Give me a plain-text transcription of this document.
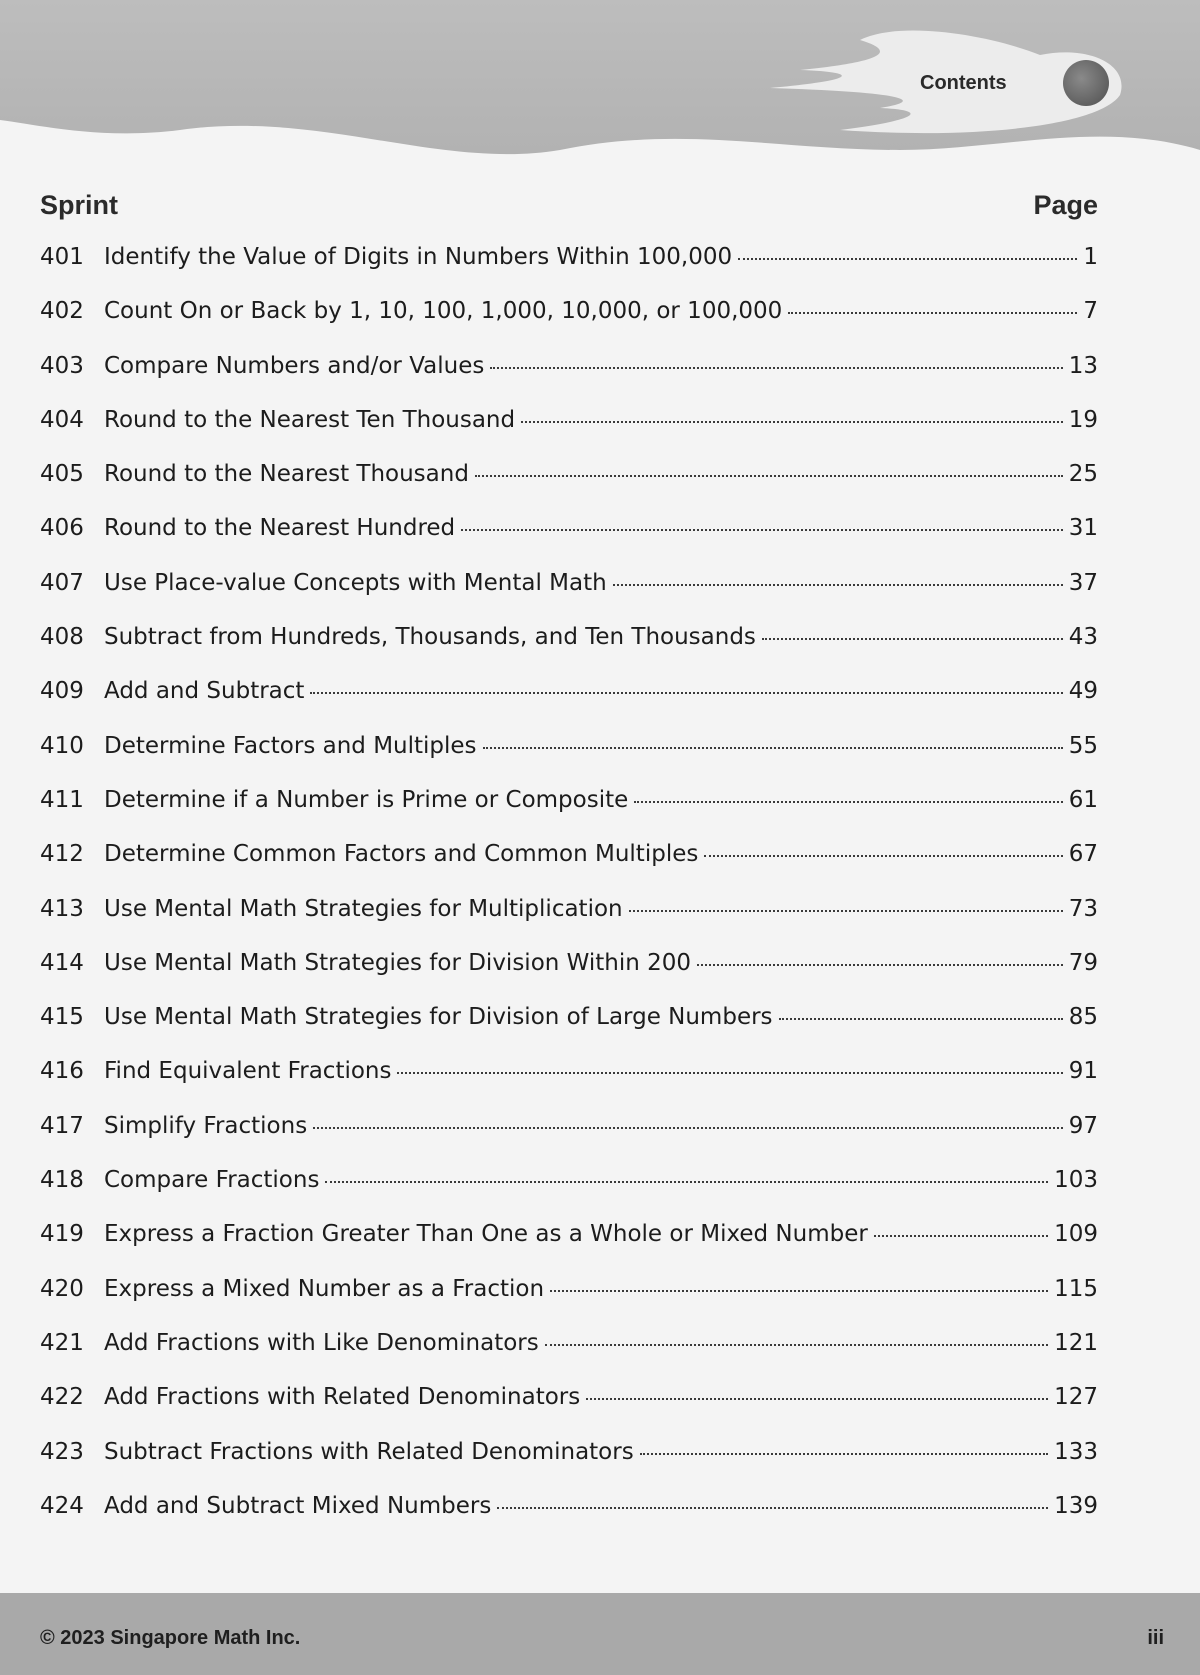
Contents
Sprint	Page
401 Identify the Value of Digits in Numbers Within 100,000	1
402 Count On or Back by 1, 10, 100, 1,000, 10,000, or 100,000	7
403 Compare Numbers and/or Values	13
404 Round to the Nearest Ten Thousand	19
405 Round to the Nearest Thousand	25
406 Round to the Nearest Hundred	31
407 Use Place-value Concepts with Mental Math	37
408 Subtract from Hundreds, Thousands, and Ten Thousands	43
409 Add and Subtract	49
410 Determine Factors and Multiples	55
411 Determine if a Number is Prime or Composite	61
412 Determine Common Factors and Common Multiples	67
413 Use Mental Math Strategies for Multiplication	73
414 Use Mental Math Strategies for Division Within 200	79
415 Use Mental Math Strategies for Division of Large Numbers	85
416 Find Equivalent Fractions	91
417 Simplify Fractions	97
418 Compare Fractions	103
419 Express a Fraction Greater Than One as a Whole or Mixed Number	109
420 Express a Mixed Number as a Fraction	115
421 Add Fractions with Like Denominators	121
422 Add Fractions with Related Denominators	127
423 Subtract Fractions with Related Denominators	133
424 Add and Subtract Mixed Numbers	139
© 2023 Singapore Math Inc.	iii
